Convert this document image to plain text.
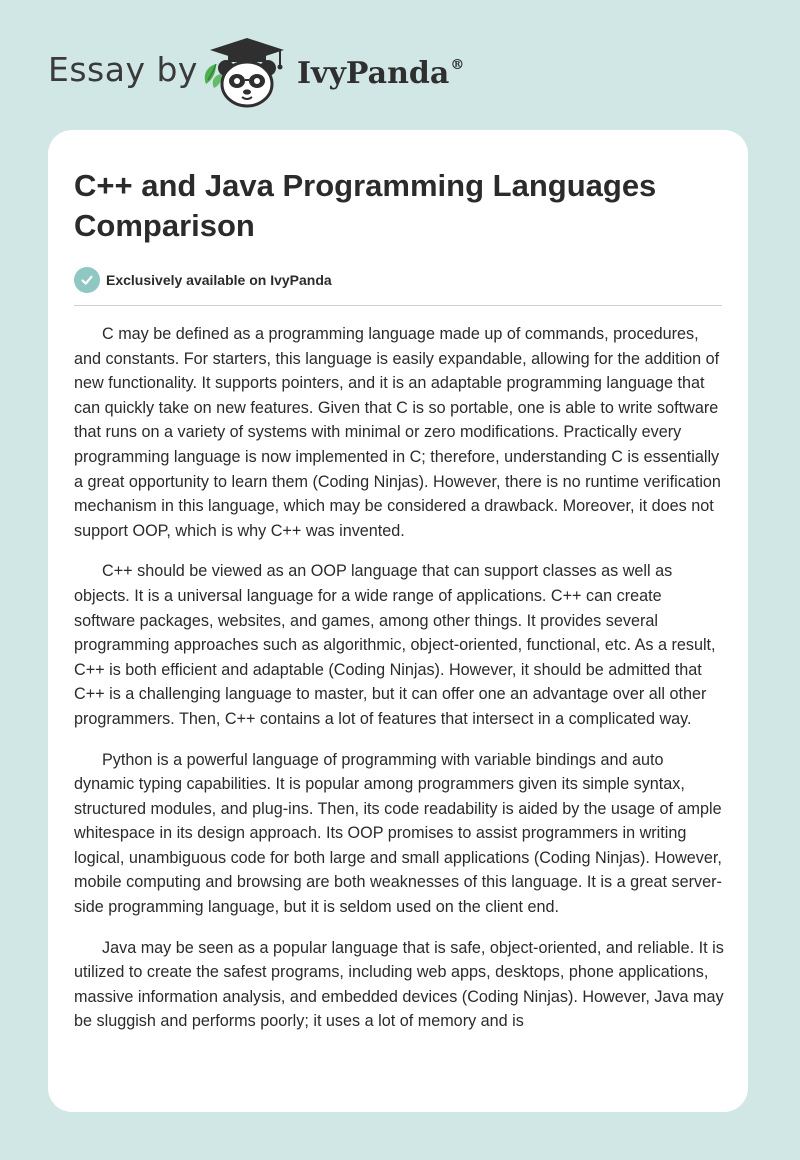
Essay by	IvyPanda®
C++ and Java Programming Languages Comparison
Exclusively available on IvyPanda

C may be defined as a programming language made up of commands, procedures, and constants. For starters, this language is easily expandable, allowing for the addition of new functionality. It supports pointers, and it is an adaptable programming language that can quickly take on new features. Given that C is so portable, one is able to write software that runs on a variety of systems with minimal or zero modifications. Practically every programming language is now implemented in C; therefore, understanding C is essentially a great opportunity to learn them (Coding Ninjas). However, there is no runtime verification mechanism in this language, which may be considered a drawback. Moreover, it does not support OOP, which is why C++ was invented.

C++ should be viewed as an OOP language that can support classes as well as objects. It is a universal language for a wide range of applications. C++ can create software packages, websites, and games, among other things. It provides several programming approaches such as algorithmic, object-oriented, functional, etc. As a result, C++ is both efficient and adaptable (Coding Ninjas). However, it should be admitted that C++ is a challenging language to master, but it can offer one an advantage over all other programmers. Then, C++ contains a lot of features that intersect in a complicated way.

Python is a powerful language of programming with variable bindings and auto dynamic typing capabilities. It is popular among programmers given its simple syntax, structured modules, and plug-ins. Then, its code readability is aided by the usage of ample whitespace in its design approach. Its OOP promises to assist programmers in writing logical, unambiguous code for both large and small applications (Coding Ninjas). However, mobile computing and browsing are both weaknesses of this language. It is a great server-side programming language, but it is seldom used on the client end.

Java may be seen as a popular language that is safe, object-oriented, and reliable. It is utilized to create the safest programs, including web apps, desktops, phone applications, massive information analysis, and embedded devices (Coding Ninjas). However, Java may be sluggish and performs poorly; it uses a lot of memory and is
